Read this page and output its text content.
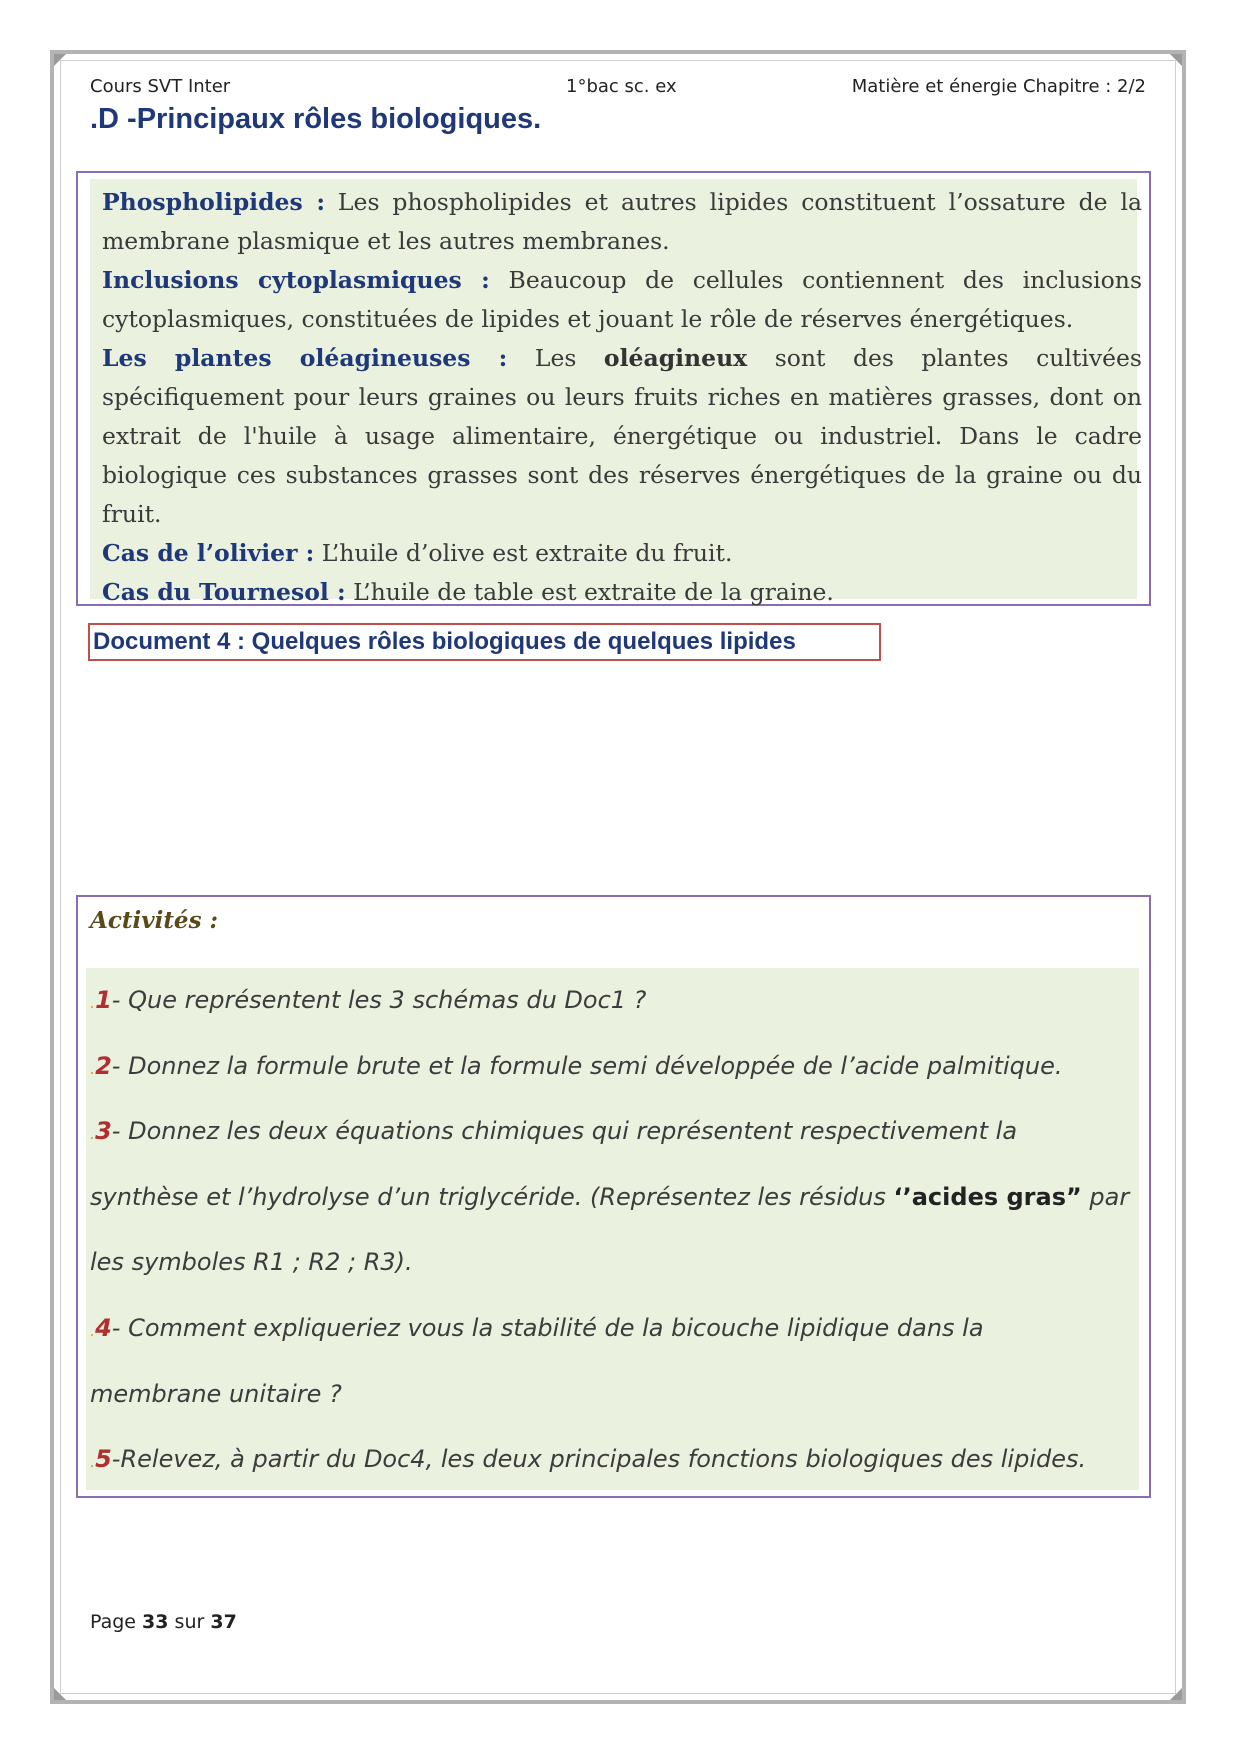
Cours SVT Inter	1°bac sc. ex	Matière et énergie Chapitre : 2/2
.D -Principaux rôles biologiques.

Phospholipides : Les phospholipides et autres lipides constituent l’ossature de la membrane plasmique et les autres membranes.

Inclusions cytoplasmiques : Beaucoup de cellules contiennent des inclusions cytoplasmiques, constituées de lipides et jouant le rôle de réserves énergétiques.

Les plantes oléagineuses : Les oléagineux sont des plantes cultivées spécifiquement pour leurs graines ou leurs fruits riches en matières grasses, dont on extrait de l'huile à usage alimentaire, énergétique ou industriel. Dans le cadre biologique ces substances grasses sont des réserves énergétiques de la graine ou du fruit.

Cas de l’olivier : L’huile d’olive est extraite du fruit.

Cas du Tournesol : L’huile de table est extraite de la graine.

Document 4 : Quelques rôles biologiques de quelques lipides
Activités :
.1- Que représentent les 3 schémas du Doc1 ?
.2- Donnez la formule brute et la formule semi développée de l’acide palmitique.
.3- Donnez les deux équations chimiques qui représentent respectivement la
synthèse et l’hydrolyse d’un triglycéride. (Représentez les résidus ‘’acides gras” par
les symboles R1 ; R2 ; R3).
.4- Comment expliqueriez vous la stabilité de la bicouche lipidique dans la
membrane unitaire ?
.5-Relevez, à partir du Doc4, les deux principales fonctions biologiques des lipides.
Page 33 sur 37
